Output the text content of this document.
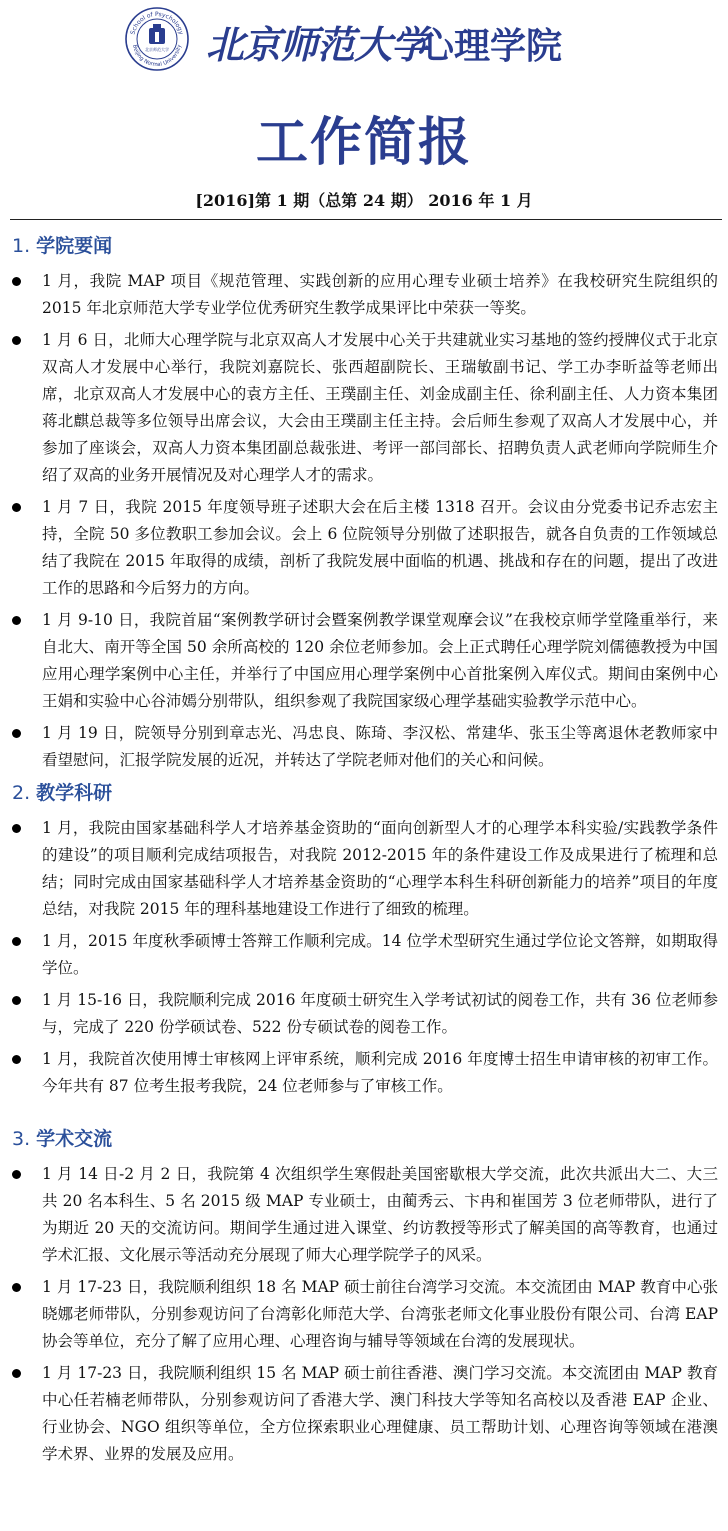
School of Psychology
Beijing Normal University
北京师范大学 北京师范大学
心理学院
工作简报
[2016]第 1 期（总第 24 期） 2016 年 1 月
1. 学院要闻
1 月，我院 MAP 项目《规范管理、实践创新的应用心理专业硕士培养》在我校研究生院组织的 2015 年北京师范大学专业学位优秀研究生教学成果评比中荣获一等奖。
1 月 6 日，北师大心理学院与北京双高人才发展中心关于共建就业实习基地的签约授牌仪式于北京双高人才发展中心举行，我院刘嘉院长、张西超副院长、王瑞敏副书记、学工办李昕益等老师出席，北京双高人才发展中心的袁方主任、王璞副主任、刘金成副主任、徐利副主任、人力资本集团蒋北麒总裁等多位领导出席会议，大会由王璞副主任主持。会后师生参观了双高人才发展中心，并参加了座谈会，双高人力资本集团副总裁张进、考评一部闫部长、招聘负责人武老师向学院师生介绍了双高的业务开展情况及对心理学人才的需求。
1 月 7 日，我院 2015 年度领导班子述职大会在后主楼 1318 召开。会议由分党委书记乔志宏主持，全院 50 多位教职工参加会议。会上 6 位院领导分别做了述职报告，就各自负责的工作领域总结了我院在 2015 年取得的成绩，剖析了我院发展中面临的机遇、挑战和存在的问题，提出了改进工作的思路和今后努力的方向。
1 月 9-10 日，我院首届“案例教学研讨会暨案例教学课堂观摩会议”在我校京师学堂隆重举行，来自北大、南开等全国 50 余所高校的 120 余位老师参加。会上正式聘任心理学院刘儒德教授为中国应用心理学案例中心主任，并举行了中国应用心理学案例中心首批案例入库仪式。期间由案例中心王娟和实验中心谷沛嫣分别带队，组织参观了我院国家级心理学基础实验教学示范中心。
1 月 19 日，院领导分别到章志光、冯忠良、陈琦、李汉松、常建华、张玉尘等离退休老教师家中看望慰问，汇报学院发展的近况，并转达了学院老师对他们的关心和问候。
2. 教学科研
1 月，我院由国家基础科学人才培养基金资助的“面向创新型人才的心理学本科实验/实践教学条件的建设”的项目顺利完成结项报告，对我院 2012-2015 年的条件建设工作及成果进行了梳理和总结；同时完成由国家基础科学人才培养基金资助的“心理学本科生科研创新能力的培养”项目的年度总结，对我院 2015 年的理科基地建设工作进行了细致的梳理。
1 月，2015 年度秋季硕博士答辩工作顺利完成。14 位学术型研究生通过学位论文答辩，如期取得学位。
1 月 15-16 日，我院顺利完成 2016 年度硕士研究生入学考试初试的阅卷工作，共有 36 位老师参与，完成了 220 份学硕试卷、522 份专硕试卷的阅卷工作。
1 月，我院首次使用博士审核网上评审系统，顺利完成 2016 年度博士招生申请审核的初审工作。今年共有 87 位考生报考我院，24 位老师参与了审核工作。
3. 学术交流
1 月 14 日-2 月 2 日，我院第 4 次组织学生寒假赴美国密歇根大学交流，此次共派出大二、大三共 20 名本科生、5 名 2015 级 MAP 专业硕士，由蔺秀云、卞冉和崔国芳 3 位老师带队，进行了为期近 20 天的交流访问。期间学生通过进入课堂、约访教授等形式了解美国的高等教育，也通过学术汇报、文化展示等活动充分展现了师大心理学院学子的风采。
1 月 17-23 日，我院顺利组织 18 名 MAP 硕士前往台湾学习交流。本交流团由 MAP 教育中心张晓娜老师带队，分别参观访问了台湾彰化师范大学、台湾张老师文化事业股份有限公司、台湾 EAP 协会等单位，充分了解了应用心理、心理咨询与辅导等领域在台湾的发展现状。
1 月 17-23 日，我院顺利组织 15 名 MAP 硕士前往香港、澳门学习交流。本交流团由 MAP 教育中心任若楠老师带队，分别参观访问了香港大学、澳门科技大学等知名高校以及香港 EAP 企业、行业协会、NGO 组织等单位，全方位探索职业心理健康、员工帮助计划、心理咨询等领域在港澳学术界、业界的发展及应用。
